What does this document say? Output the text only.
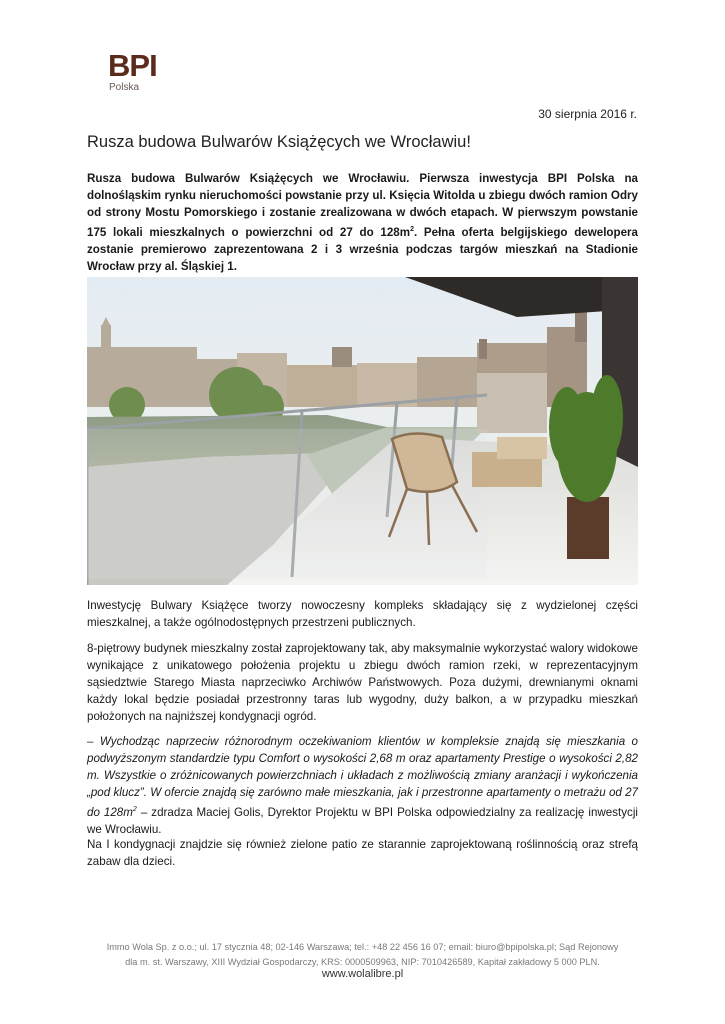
BPI
Polska
30 sierpnia 2016 r.
Rusza budowa Bulwarów Książęcych we Wrocławiu!

Rusza budowa Bulwarów Książęcych we Wrocławiu. Pierwsza inwestycja BPI Polska na dolnośląskim rynku nieruchomości powstanie przy ul. Księcia Witolda u zbiegu dwóch ramion Odry od strony Mostu Pomorskiego i zostanie zrealizowana w dwóch etapach. W pierwszym powstanie 175 lokali mieszkalnych o powierzchni od 27 do $128m^2$. Pełna oferta belgijskiego dewelopera zostanie premierowo zaprezentowana 2 i 3 września podczas targów mieszkań na Stadionie Wrocław przy al. Śląskiej 1.

Inwestycję Bulwary Książęce tworzy nowoczesny kompleks składający się z wydzielonej części mieszkalnej, a także ogólnodostępnych przestrzeni publicznych.

8-piętrowy budynek mieszkalny został zaprojektowany tak, aby maksymalnie wykorzystać walory widokowe wynikające z unikatowego położenia projektu u zbiegu dwóch ramion rzeki, w reprezentacyjnym sąsiedztwie Starego Miasta naprzeciwko Archiwów Państwowych. Poza dużymi, drewnianymi oknami każdy lokal będzie posiadał przestronny taras lub wygodny, duży balkon, a w przypadku mieszkań położonych na najniższej kondygnacji ogród.

– Wychodząc naprzeciw różnorodnym oczekiwaniom klientów w kompleksie znajdą się mieszkania o podwyższonym standardzie typu Comfort o wysokości 2,68 m oraz apartamenty Prestige o wysokości 2,82 m. Wszystkie o zróżnicowanych powierzchniach i układach z możliwością zmiany aranżacji i wykończenia „pod klucz”. W ofercie znajdą się zarówno małe mieszkania, jak i przestronne apartamenty o metrażu od 27 do $128m^2$ – zdradza Maciej Golis, Dyrektor Projektu w BPI Polska odpowiedzialny za realizację inwestycji we Wrocławiu.

Na I kondygnacji znajdzie się również zielone patio ze starannie zaprojektowaną roślinnością oraz strefą zabaw dla dzieci.

Immo Wola Sp. z o.o.; ul. 17 stycznia 48; 02-146 Warszawa; tel.: +48 22 456 16 07; email: biuro@bpipolska.pl; Sąd Rejonowy
dla m. st. Warszawy, XIII Wydział Gospodarczy, KRS: 0000509963, NIP: 7010426589, Kapitał zakładowy 5 000 PLN.
www.wolalibre.pl
